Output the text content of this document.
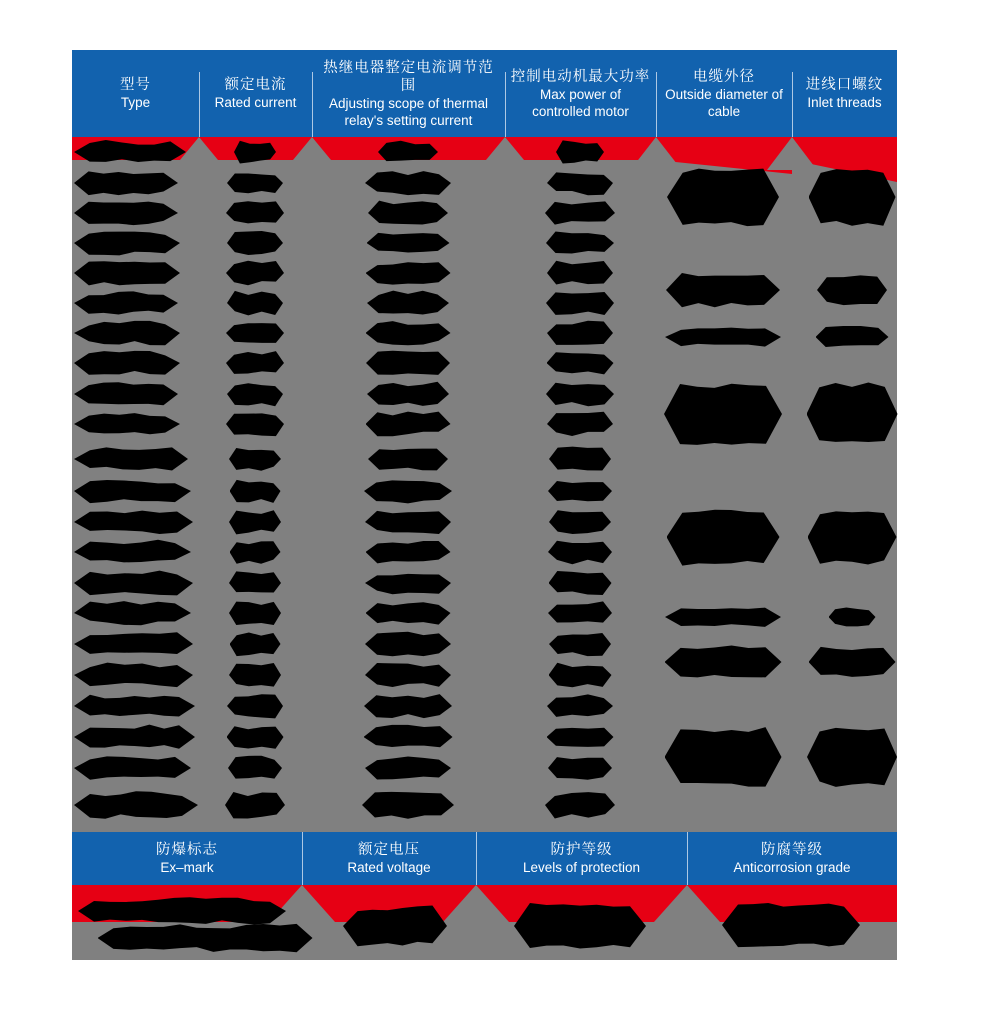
型号
Type
额定电流
Rated current
热继电器整定电流调节范围
Adjusting scope of thermal relay's setting current
控制电动机最大功率
Max power of controlled motor
电缆外径
Outside diameter of cable
进线口螺纹
Inlet threads
防爆标志
Ex–mark
额定电压
Rated voltage
防护等级
Levels of protection
防腐等级
Anticorrosion grade
